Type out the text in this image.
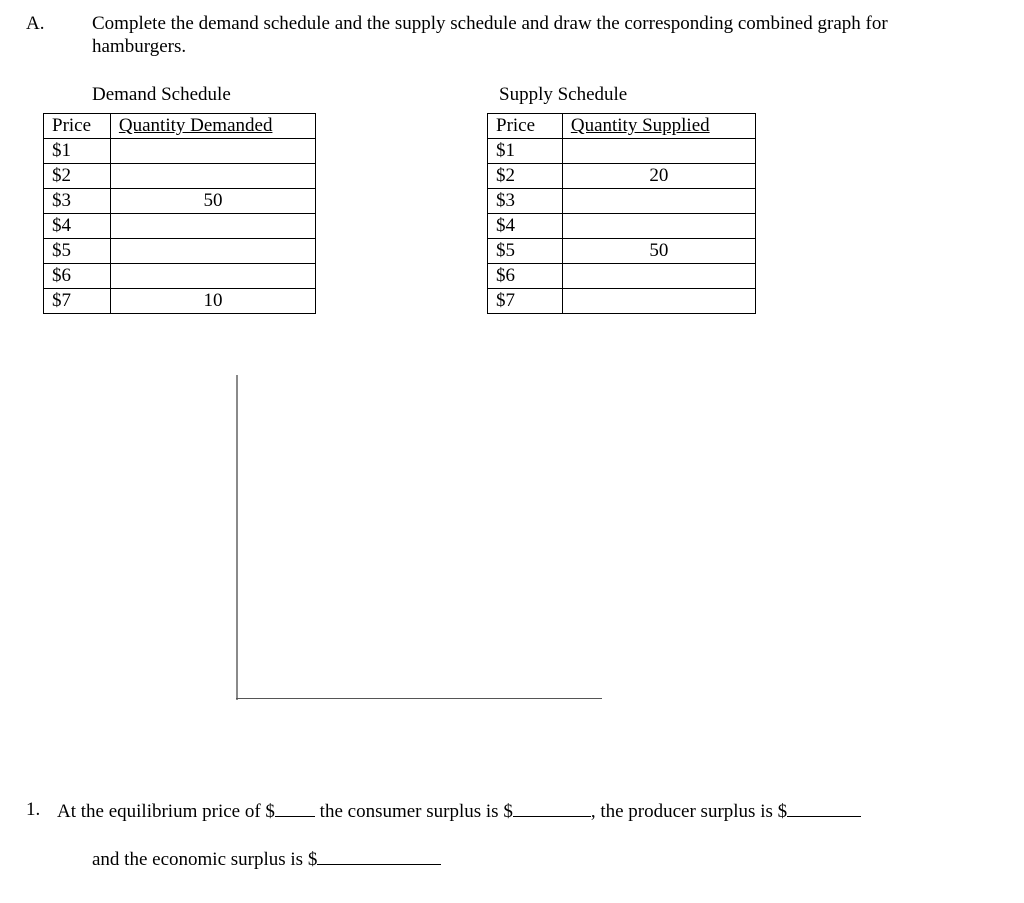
A.	Complete the demand schedule and the supply schedule and draw the corresponding combined graph for
hamburgers.
Demand Schedule
Price	Quantity Demanded
$1	
$2	
$3	50
$4	
$5	
$6	
$7	10
Supply Schedule
Price	Quantity Supplied
$1	
$2	20
$3	
$4	
$5	50
$6	
$7	
1. At the equilibrium price of $ the consumer surplus is $	, the producer surplus is $
and the economic surplus is $
